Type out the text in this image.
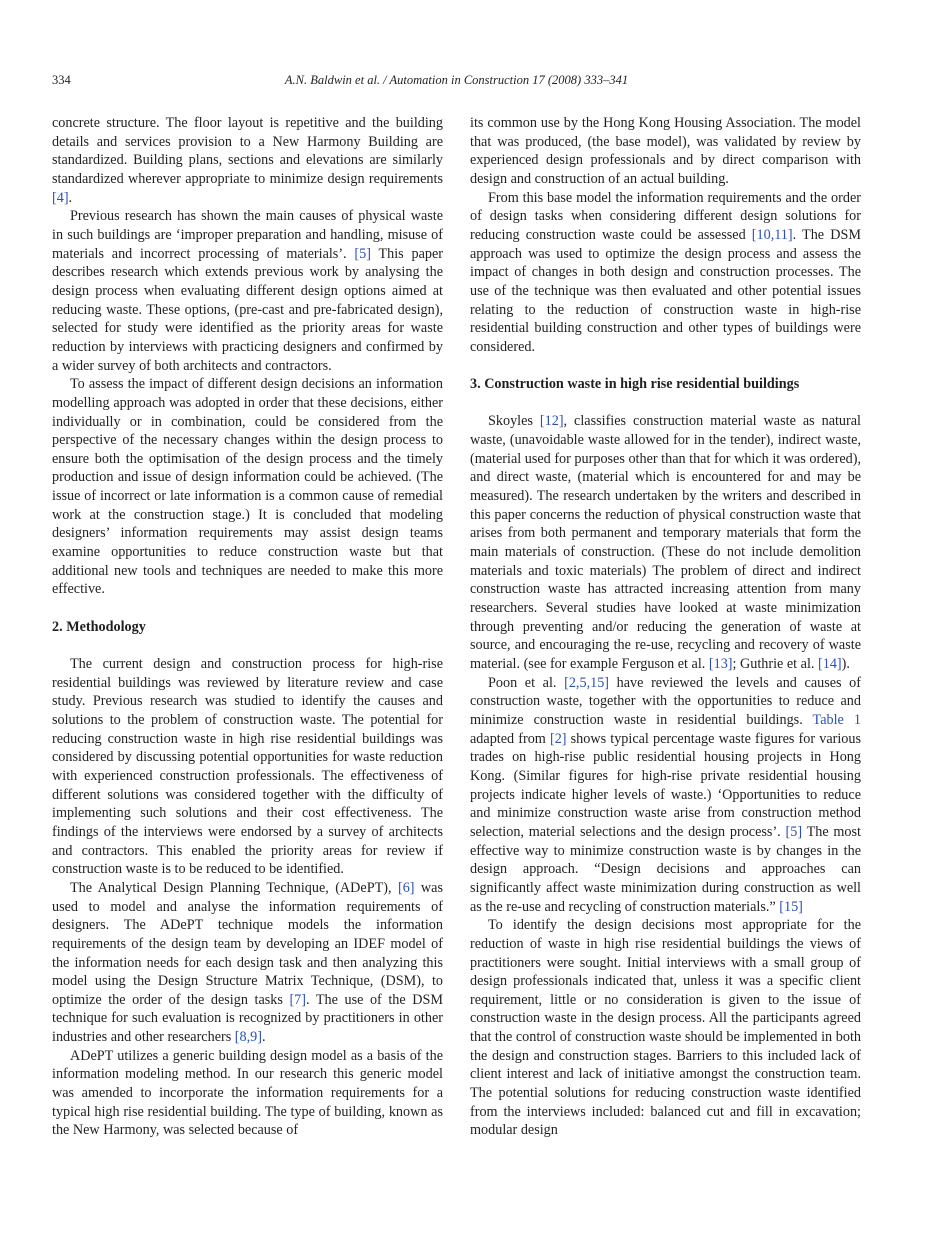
334	A.N. Baldwin et al. / Automation in Construction 17 (2008) 333–341

concrete structure. The floor layout is repetitive and the building details and services provision to a New Harmony Building are standardized. Building plans, sections and elevations are similarly standardized wherever appropriate to minimize design requirements [4].

Previous research has shown the main causes of physical waste in such buildings are ‘improper preparation and handling, misuse of materials and incorrect processing of materials’. [5] This paper describes research which extends previous work by analysing the design process when evaluating different design options aimed at reducing waste. These options, (pre-cast and pre-fabricated design), selected for study were identified as the priority areas for waste reduction by interviews with practicing designers and confirmed by a wider survey of both architects and contractors.

To assess the impact of different design decisions an information modelling approach was adopted in order that these decisions, either individually or in combination, could be considered from the perspective of the necessary changes within the design process to ensure both the optimisation of the design process and the timely production and issue of design information could be achieved. (The issue of incorrect or late information is a common cause of remedial work at the construction stage.) It is concluded that modeling designers’ information requirements may assist design teams examine opportunities to reduce construction waste but that additional new tools and techniques are needed to make this more effective.

2. Methodology

The current design and construction process for high-rise residential buildings was reviewed by literature review and case study. Previous research was studied to identify the causes and solutions to the problem of construction waste. The potential for reducing construction waste in high rise residential buildings was considered by discussing potential opportunities for waste reduction with experienced construction professionals. The effectiveness of different solutions was considered together with the difficulty of implementing such solutions and their cost effectiveness. The findings of the interviews were endorsed by a survey of architects and contractors. This enabled the priority areas for review if construction waste is to be reduced to be identified.

The Analytical Design Planning Technique, (ADePT), [6] was used to model and analyse the information requirements of designers. The ADePT technique models the information requirements of the design team by developing an IDEF model of the information needs for each design task and then analyzing this model using the Design Structure Matrix Technique, (DSM), to optimize the order of the design tasks [7]. The use of the DSM technique for such evaluation is recognized by practitioners in other industries and other researchers [8,9].

ADePT utilizes a generic building design model as a basis of the information modeling method. In our research this generic model was amended to incorporate the information requirements for a typical high rise residential building. The type of building, known as the New Harmony, was selected because of

its common use by the Hong Kong Housing Association. The model that was produced, (the base model), was validated by review by experienced design professionals and by direct comparison with design and construction of an actual building.

From this base model the information requirements and the order of design tasks when considering different design solutions for reducing construction waste could be assessed [10,11]. The DSM approach was used to optimize the design process and assess the impact of changes in both design and construction processes. The use of the technique was then evaluated and other potential issues relating to the reduction of construction waste in high-rise residential building construction and other types of buildings were considered.

3. Construction waste in high rise residential buildings

Skoyles [12], classifies construction material waste as natural waste, (unavoidable waste allowed for in the tender), indirect waste, (material used for purposes other than that for which it was ordered), and direct waste, (material which is encountered for and may be measured). The research undertaken by the writers and described in this paper concerns the reduction of physical construction waste that arises from both permanent and temporary materials that form the main materials of construction. (These do not include demolition materials and toxic materials) The problem of direct and indirect construction waste has attracted increasing attention from many researchers. Several studies have looked at waste minimization through preventing and/or reducing the generation of waste at source, and encouraging the re-use, recycling and recovery of waste material. (see for example Ferguson et al. [13]; Guthrie et al. [14]).

Poon et al. [2,5,15] have reviewed the levels and causes of construction waste, together with the opportunities to reduce and minimize construction waste in residential buildings. Table 1 adapted from [2] shows typical percentage waste figures for various trades on high-rise public residential housing projects in Hong Kong. (Similar figures for high-rise private residential housing projects indicate higher levels of waste.) ‘Opportunities to reduce and minimize construction waste arise from construction method selection, material selections and the design process’. [5] The most effective way to minimize construction waste is by changes in the design approach. “Design decisions and approaches can significantly affect waste minimization during construction as well as the re-use and recycling of construction materials.” [15]

To identify the design decisions most appropriate for the reduction of waste in high rise residential buildings the views of practitioners were sought. Initial interviews with a small group of design professionals indicated that, unless it was a specific client requirement, little or no consideration is given to the issue of construction waste in the design process. All the participants agreed that the control of construction waste should be implemented in both the design and construction stages. Barriers to this included lack of client interest and lack of initiative amongst the construction team. The potential solutions for reducing construction waste identified from the interviews included: balanced cut and fill in excavation; modular design
